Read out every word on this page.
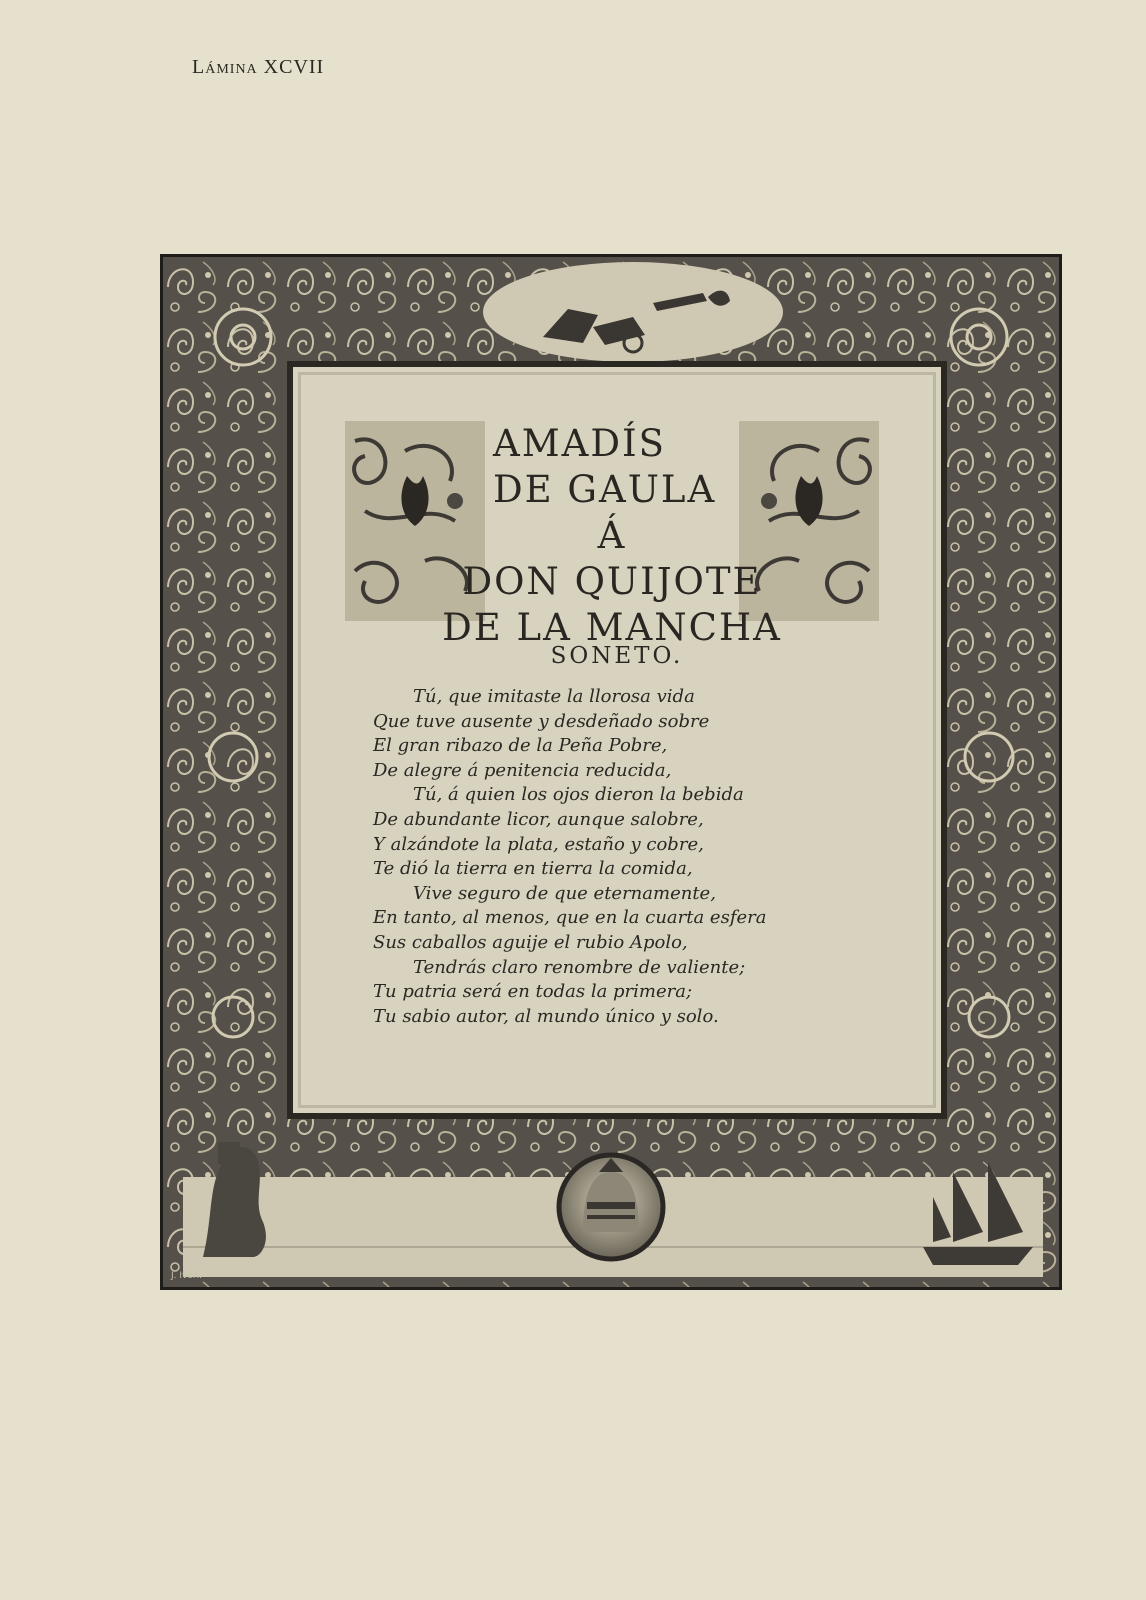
Lámina XCVII
AMADÍS
DE GAULA
Á
DON QUIJOTE
DE LA MANCHA
SONETO.
Tú, que imitaste la llorosa vida
Que tuve ausente y desdeñado sobre
El gran ribazo de la Peña Pobre,
De alegre á penitencia reducida,
Tú, á quien los ojos dieron la bebida
De abundante licor, aunque salobre,
Y alzándote la plata, estaño y cobre,
Te dió la tierra en tierra la comida,
Vive seguro de que eternamente,
En tanto, al menos, que en la cuarta esfera
Sus caballos aguije el rubio Apolo,
Tendrás claro renombre de valiente;
Tu patria será en todas la primera;
Tu sabio autor, al mundo único y solo.
J. Ivori.
